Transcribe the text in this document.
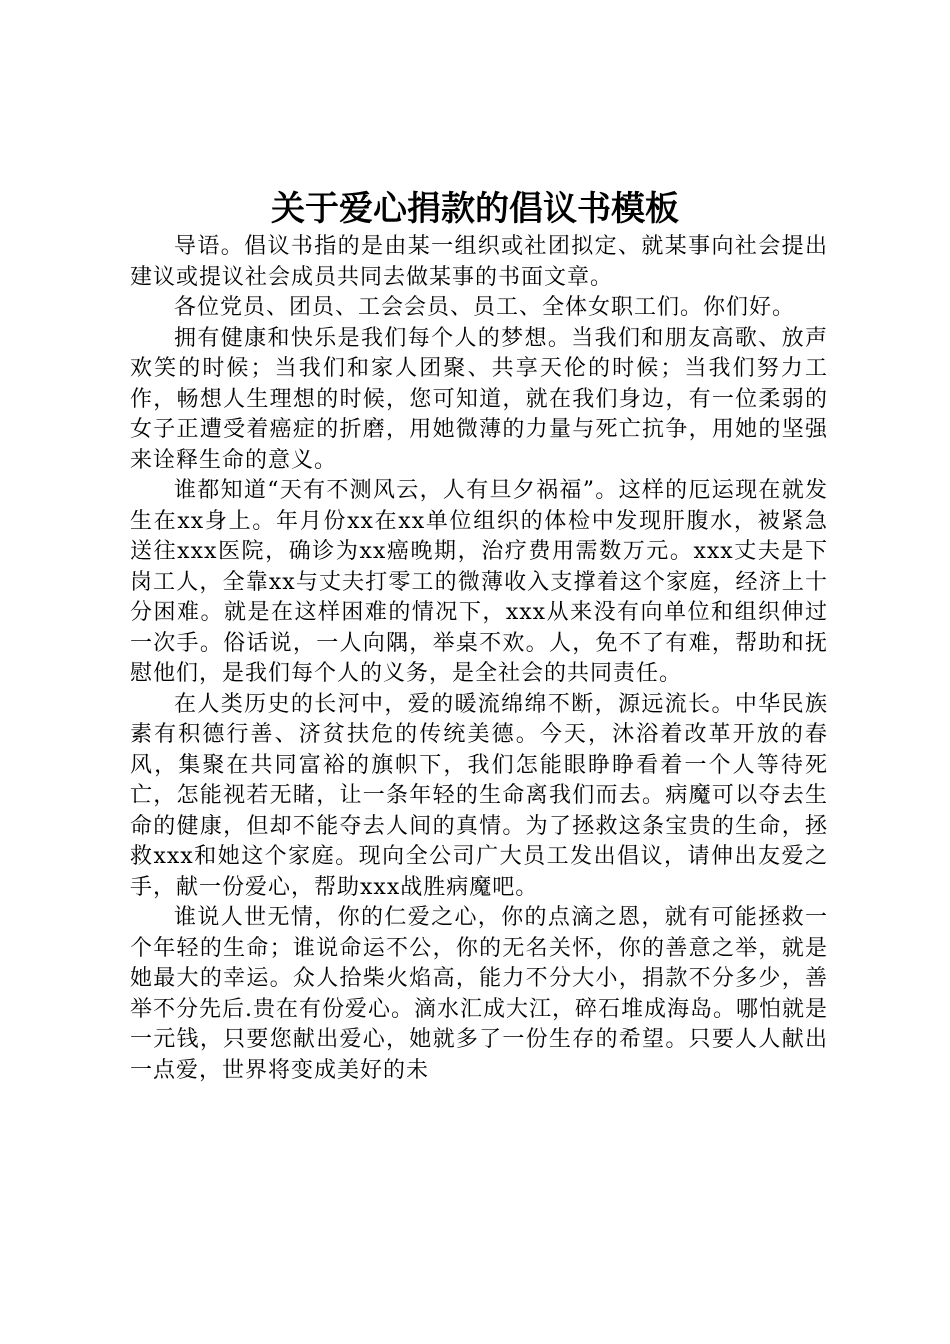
关于爱心捐款的倡议书模板

导语。倡议书指的是由某一组织或社团拟定、就某事向社会提出建议或提议社会成员共同去做某事的书面文章。

各位党员、团员、工会会员、员工、全体女职工们。你们好。

拥有健康和快乐是我们每个人的梦想。当我们和朋友高歌、放声欢笑的时候；当我们和家人团聚、共享天伦的时候；当我们努力工作，畅想人生理想的时候，您可知道，就在我们身边，有一位柔弱的女子正遭受着癌症的折磨，用她微薄的力量与死亡抗争，用她的坚强来诠释生命的意义。

谁都知道“天有不测风云，人有旦夕祸福”。这样的厄运现在就发生在xx身上。年月份xx在xx单位组织的体检中发现肝腹水，被紧急送往xxx医院，确诊为xx癌晚期，治疗费用需数万元。xxx丈夫是下岗工人，全靠xx与丈夫打零工的微薄收入支撑着这个家庭，经济上十分困难。就是在这样困难的情况下，xxx从来没有向单位和组织伸过一次手。俗话说，一人向隅，举桌不欢。人，免不了有难，帮助和抚慰他们，是我们每个人的义务，是全社会的共同责任。

在人类历史的长河中，爱的暖流绵绵不断，源远流长。中华民族素有积德行善、济贫扶危的传统美德。今天，沐浴着改革开放的春风，集聚在共同富裕的旗帜下，我们怎能眼睁睁看着一个人等待死亡，怎能视若无睹，让一条年轻的生命离我们而去。病魔可以夺去生命的健康，但却不能夺去人间的真情。为了拯救这条宝贵的生命，拯救xxx和她这个家庭。现向全公司广大员工发出倡议，请伸出友爱之手，献一份爱心，帮助xxx战胜病魔吧。

谁说人世无情，你的仁爱之心，你的点滴之恩，就有可能拯救一个年轻的生命；谁说命运不公，你的无名关怀，你的善意之举，就是她最大的幸运。众人拾柴火焰高，能力不分大小，捐款不分多少，善举不分先后.贵在有份爱心。滴水汇成大江，碎石堆成海岛。哪怕就是一元钱，只要您献出爱心，她就多了一份生存的希望。只要人人献出一点爱，世界将变成美好的未
